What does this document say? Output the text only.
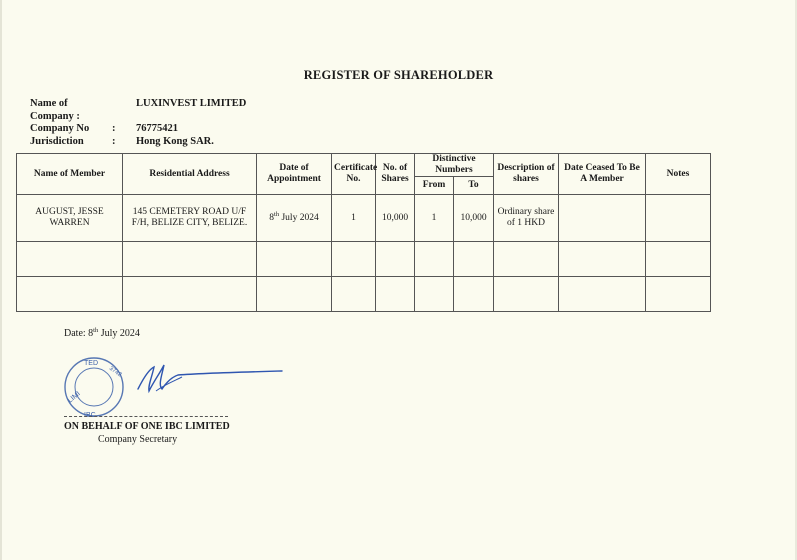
REGISTER OF SHAREHOLDER
Name of Company :
LUXINVEST LIMITED
Company No	:	76775421
Jurisdiction	:	Hong Kong SAR.
Name of Member	Residential Address	Date of Appointment	Certificate No.	No. of Shares	Distinctive Numbers		Description of shares	Date Ceased To Be A Member	Notes
					From	To			
AUGUST, JESSE WARREN	145 CEMETERY ROAD U/F F/H, BELIZE CITY, BELIZE.	8th July 2024	1	10,000	1	10,000	Ordinary share of 1 HKD		

Date: 8th July 2024
LIMI
TED
3742
IBC
ON BEHALF OF ONE IBC LIMITED
Company Secretary
